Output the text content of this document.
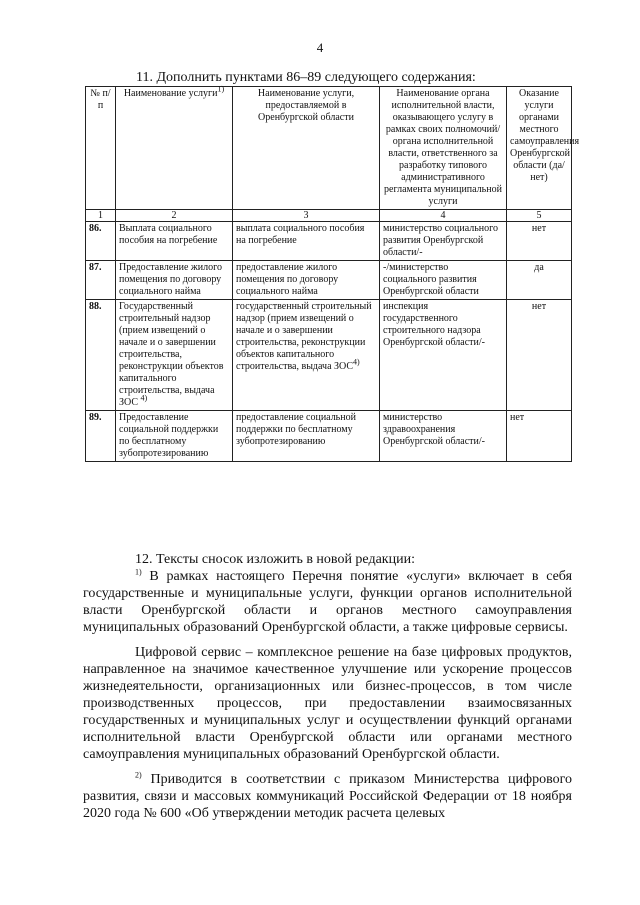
4
11. Дополнить пунктами 86–89 следующего содержания:
№ п/п	Наименование услуги$^{1)}$	Наименование услуги, предоставляемой в Оренбургской области	Наименование органа исполнительной власти, оказывающего услугу в рамках своих полномочий/органа исполнительной власти, ответственного за разработку типового административного регламента муниципальной услуги	Оказание услуги органами местного самоуправления Оренбургской области (да/нет)
1	2	3	4	5
86.	Выплата социального пособия на погребение	выплата социального пособия на погребение	министерство социального развития Оренбургской области/-	нет
87.	Предоставление жилого помещения по договору социального найма	предоставление жилого помещения по договору социального найма	-/министерство социального развития Оренбургской области	да
88.	Государственный строительный надзор (прием извещений о начале и о завершении строительства, реконструкции объектов капитального строительства, выдача ЗОС $^{4)}$	государственный строительный надзор (прием извещений о начале и о завершении строительства, реконструкции объектов капитального строительства, выдача ЗОС$^{4)}$	инспекция государственного строительного надзора Оренбургской области/-	нет
89.	Предоставление социальной поддержки по бесплатному зубопротезированию	предоставление социальной поддержки по бесплатному зубопротезированию	министерство здравоохранения Оренбургской области/-	нет

12. Тексты сносок изложить в новой редакции:

$^{1)}$ В рамках настоящего Перечня понятие «услуги» включает в себя государственные и муниципальные услуги, функции органов исполнительной власти Оренбургской области и органов местного самоуправления муниципальных образований Оренбургской области, а также цифровые сервисы.

Цифровой сервис – комплексное решение на базе цифровых продуктов, направленное на значимое качественное улучшение или ускорение процессов жизнедеятельности, организационных или бизнес-процессов, в том числе производственных процессов, при предоставлении взаимосвязанных государственных и муниципальных услуг и осуществлении функций органами исполнительной власти Оренбургской области или органами местного самоуправления муниципальных образований Оренбургской области.

$^{2)}$ Приводится в соответствии с приказом Министерства цифрового развития, связи и массовых коммуникаций Российской Федерации от 18 ноября 2020 года № 600 «Об утверждении методик расчета целевых
